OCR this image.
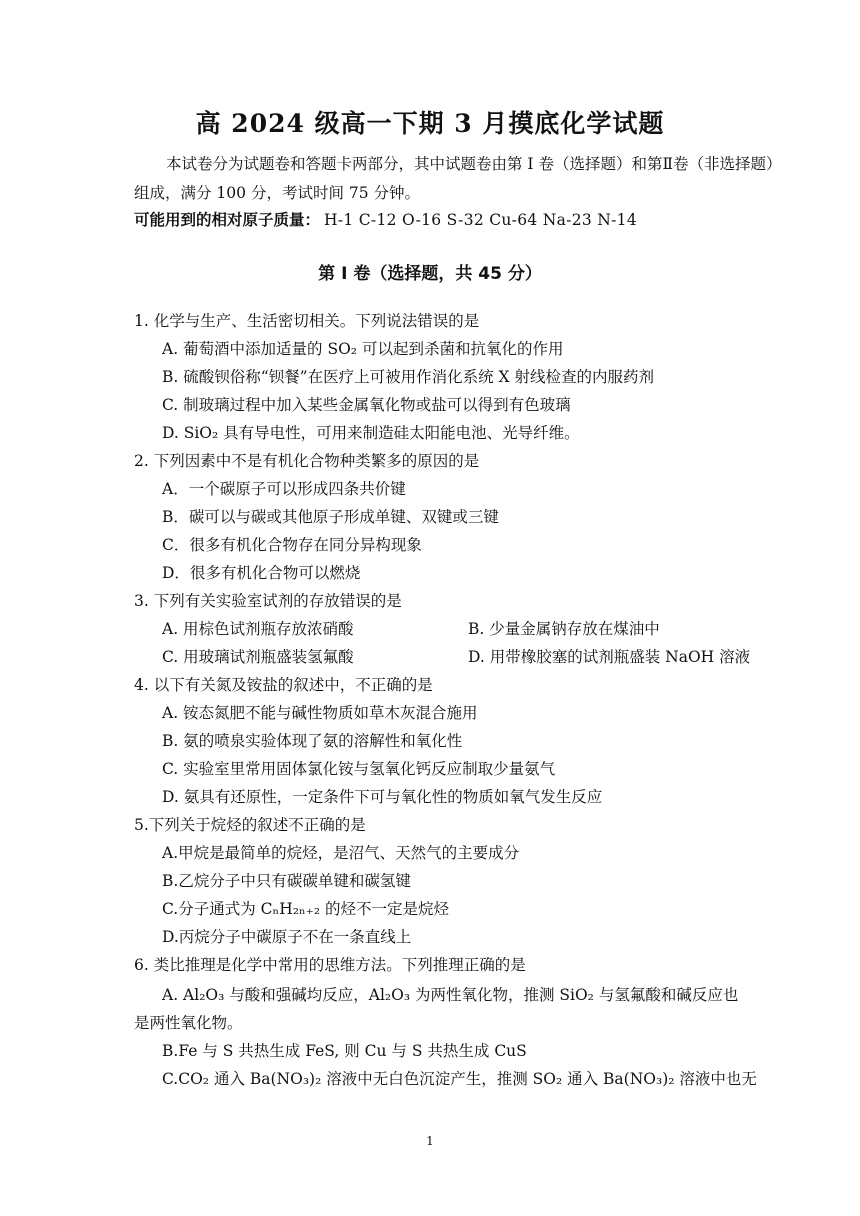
高 2024 级高一下期 3 月摸底化学试题
本试卷分为试题卷和答题卡两部分，其中试题卷由第 Ⅰ 卷（选择题）和第Ⅱ卷（非选择题）组成，满分 100 分，考试时间 75 分钟。
可能用到的相对原子质量： H-1 C-12 O-16 S-32 Cu-64 Na-23 N-14
第 Ⅰ 卷（选择题，共 45 分）
1. 化学与生产、生活密切相关。下列说法错误的是
A. 葡萄酒中添加适量的 SO₂ 可以起到杀菌和抗氧化的作用
B. 硫酸钡俗称“钡餐”在医疗上可被用作消化系统 X 射线检查的内服药剂
C. 制玻璃过程中加入某些金属氧化物或盐可以得到有色玻璃
D. SiO₂ 具有导电性，可用来制造硅太阳能电池、光导纤维。
2. 下列因素中不是有机化合物种类繁多的原因的是
A．一个碳原子可以形成四条共价键
B．碳可以与碳或其他原子形成单键、双键或三键
C．很多有机化合物存在同分异构现象
D．很多有机化合物可以燃烧
3. 下列有关实验室试剂的存放错误的是
A. 用棕色试剂瓶存放浓硝酸	B. 少量金属钠存放在煤油中
C. 用玻璃试剂瓶盛装氢氟酸	D. 用带橡胶塞的试剂瓶盛装 NaOH 溶液
4. 以下有关氮及铵盐的叙述中，不正确的是
A. 铵态氮肥不能与碱性物质如草木灰混合施用
B. 氨的喷泉实验体现了氨的溶解性和氧化性
C. 实验室里常用固体氯化铵与氢氧化钙反应制取少量氨气
D. 氨具有还原性，一定条件下可与氧化性的物质如氧气发生反应
5.下列关于烷烃的叙述不正确的是
A.甲烷是最简单的烷烃，是沼气、天然气的主要成分
B.乙烷分子中只有碳碳单键和碳氢键
C.分子通式为 CₙH₂ₙ₊₂ 的烃不一定是烷烃
D.丙烷分子中碳原子不在一条直线上
6. 类比推理是化学中常用的思维方法。下列推理正确的是
A. Al₂O₃ 与酸和强碱均反应，Al₂O₃ 为两性氧化物，推测 SiO₂ 与氢氟酸和碱反应也
是两性氧化物。
B.Fe 与 S 共热生成 FeS, 则 Cu 与 S 共热生成 CuS
C.CO₂ 通入 Ba(NO₃)₂ 溶液中无白色沉淀产生，推测 SO₂ 通入 Ba(NO₃)₂ 溶液中也无
1
